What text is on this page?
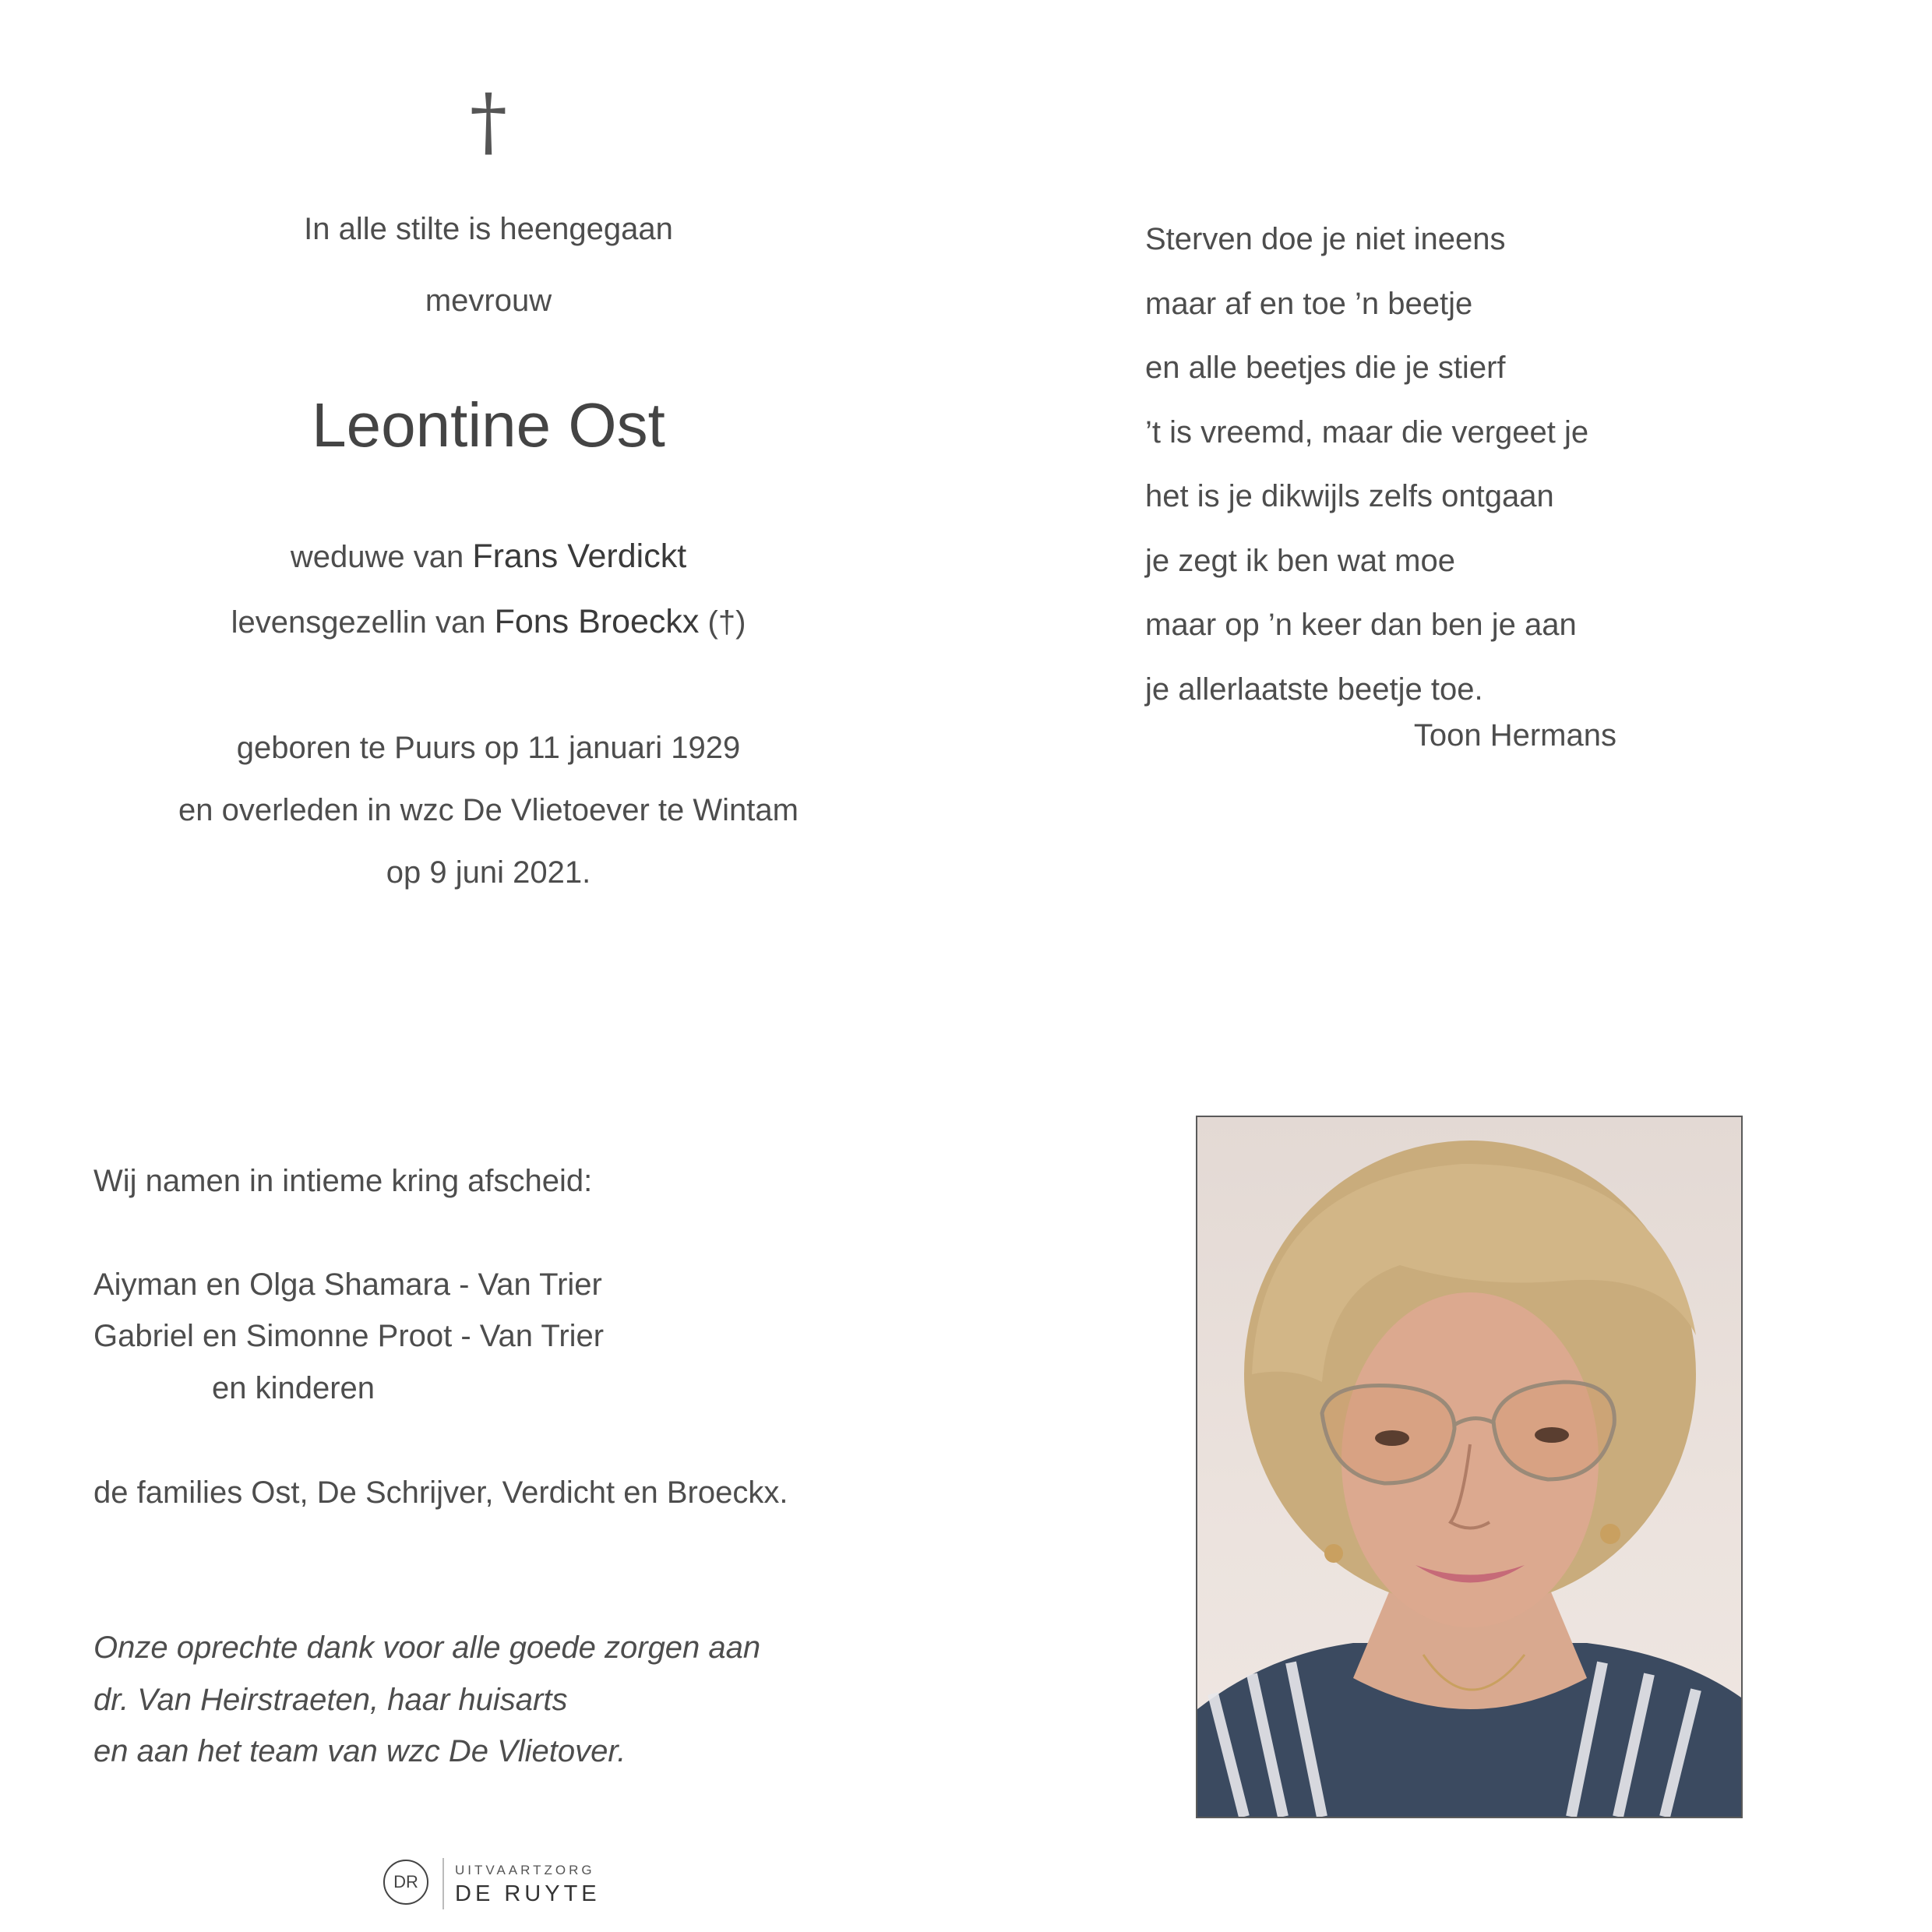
†
In alle stilte is heengegaan
mevrouw
Leontine Ost
weduwe van Frans Verdickt
levensgezellin van Fons Broeckx (†)
geboren te Puurs op 11 januari 1929
en overleden in wzc De Vlietoever te Wintam
op 9 juni 2021.
Sterven doe je niet ineens
maar af en toe ’n beetje
en alle beetjes die je stierf
’t is vreemd, maar die vergeet je
het is je dikwijls zelfs ontgaan
je zegt ik ben wat moe
maar op ’n keer dan ben je aan
je allerlaatste beetje toe.
Toon Hermans
Wij namen in intieme kring afscheid:
Aiyman en Olga Shamara - Van Trier
Gabriel en Simonne Proot - Van Trier
en kinderen
de families Ost, De Schrijver, Verdicht en Broeckx.
Onze oprechte dank voor alle goede zorgen aan
dr. Van Heirstraeten, haar huisarts
en aan het team van wzc De Vlietover.
DR
UITVAARTZORG
DE RUYTE
